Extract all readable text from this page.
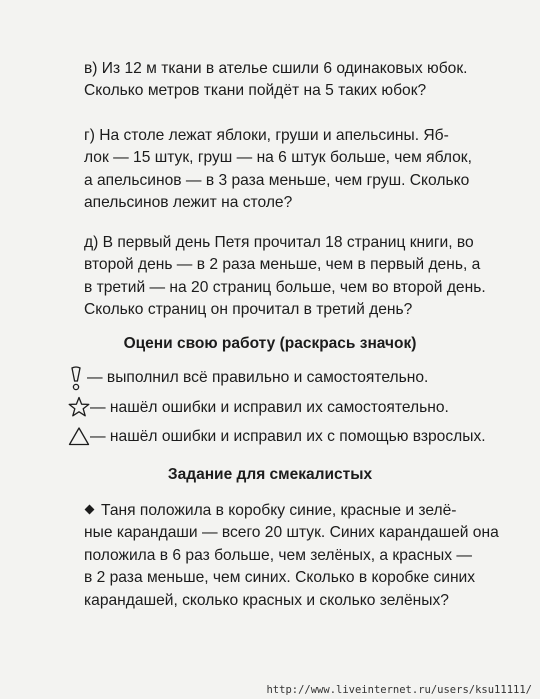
в) Из 12 м ткани в ателье сшили 6 одинаковых юбок.
Сколько метров ткани пойдёт на 5 таких юбок?
г) На столе лежат яблоки, груши и апельсины. Яб-
лок — 15 штук, груш — на 6 штук больше, чем яблок,
а апельсинов — в 3 раза меньше, чем груш. Сколько
апельсинов лежит на столе?
д) В первый день Петя прочитал 18 страниц книги, во
второй день — в 2 раза меньше, чем в первый день, а
в третий — на 20 страниц больше, чем во второй день.
Сколько страниц он прочитал в третий день?
Оцени свою работу (раскрась значок)
— выполнил всё правильно и самостоятельно.
— нашёл ошибки и исправил их самостоятельно.
— нашёл ошибки и исправил их с помощью взрослых.
Задание для смекалистых
Таня положила в коробку синие, красные и зелё-
ные карандаши — всего 20 штук. Синих карандашей она
положила в 6 раз больше, чем зелёных, а красных —
в 2 раза меньше, чем синих. Сколько в коробке синих
карандашей, сколько красных и сколько зелёных?
http://www.liveinternet.ru/users/ksu11111/
